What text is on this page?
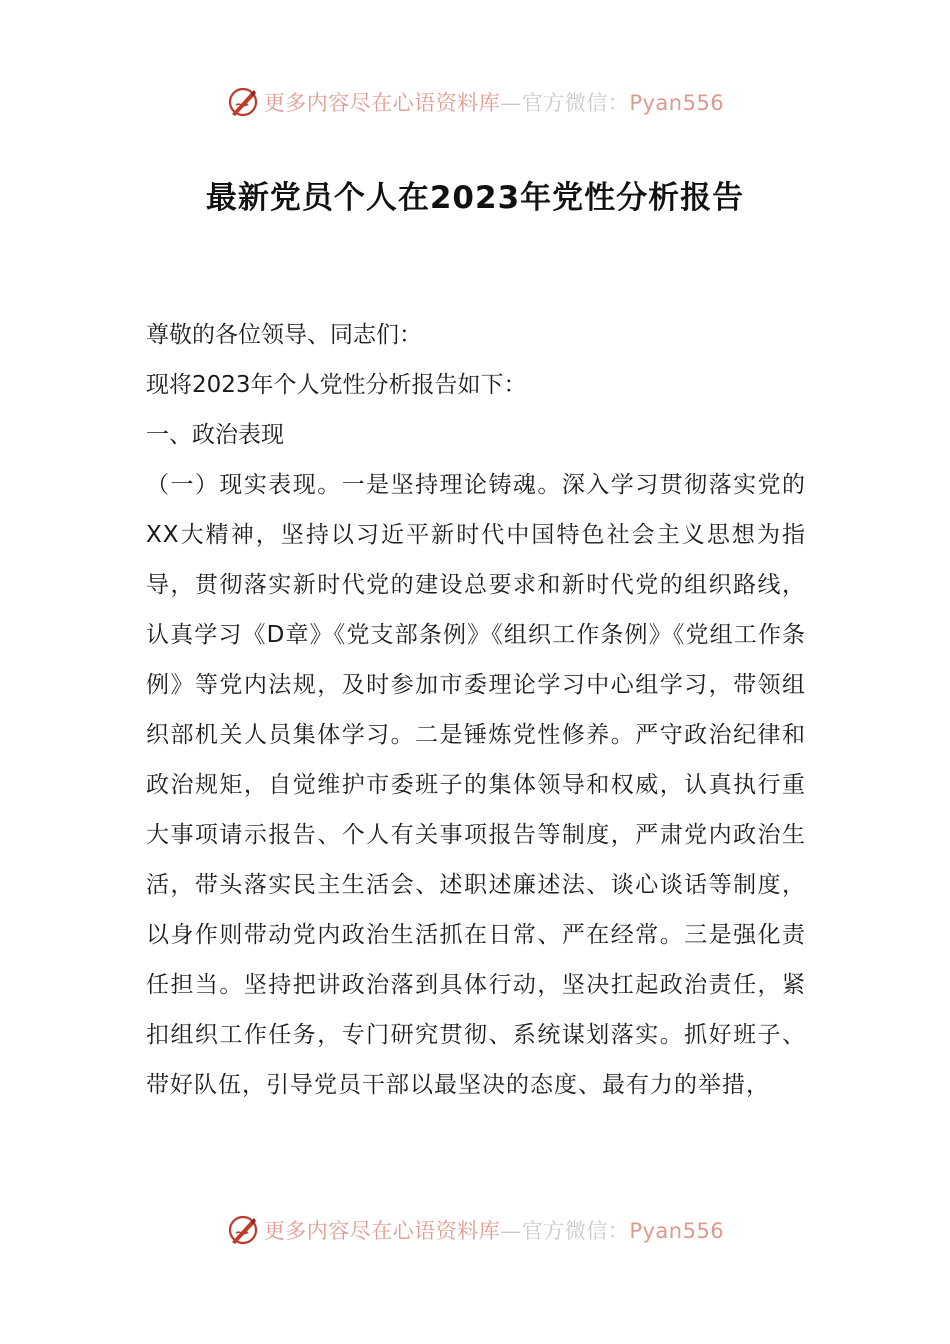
更多内容尽在心语资料库—官方微信：Pyan556
最新党员个人在2023年党性分析报告

尊敬的各位领导、同志们：

现将2023年个人党性分析报告如下：

一、政治表现

（一）现实表现。一是坚持理论铸魂。深入学习贯彻落实党的XX大精神，坚持以习近平新时代中国特色社会主义思想为指导，贯彻落实新时代党的建设总要求和新时代党的组织路线，认真学习《D章》《党支部条例》《组织工作条例》《党组工作条例》等党内法规，及时参加市委理论学习中心组学习，带领组织部机关人员集体学习。二是锤炼党性修养。严守政治纪律和政治规矩，自觉维护市委班子的集体领导和权威，认真执行重大事项请示报告、个人有关事项报告等制度，严肃党内政治生活，带头落实民主生活会、述职述廉述法、谈心谈话等制度，以身作则带动党内政治生活抓在日常、严在经常。三是强化责任担当。坚持把讲政治落到具体行动，坚决扛起政治责任，紧扣组织工作任务，专门研究贯彻、系统谋划落实。抓好班子、带好队伍，引导党员干部以最坚决的态度、最有力的举措，

更多内容尽在心语资料库—官方微信：Pyan556
